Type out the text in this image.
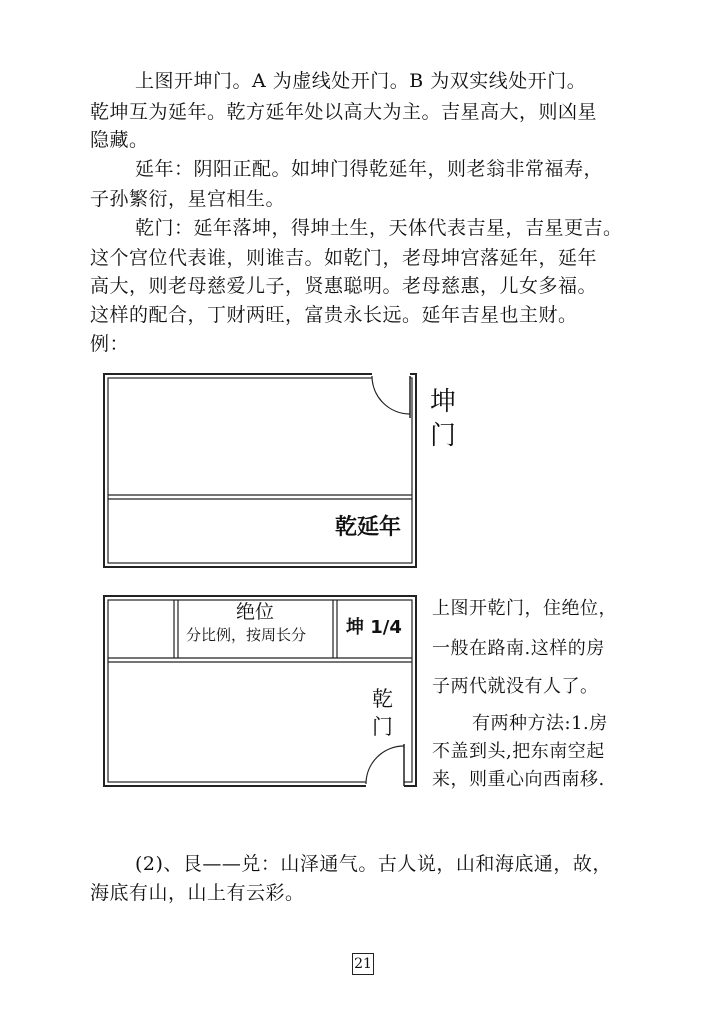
上图开坤门。A 为虚线处开门。B 为双实线处开门。
乾坤互为延年。乾方延年处以高大为主。吉星高大，则凶星
隐藏。
延年：阴阳正配。如坤门得乾延年，则老翁非常福寿，
子孙繁衍，星宫相生。
乾门：延年落坤，得坤土生，天体代表吉星，吉星更吉。
这个宫位代表谁，则谁吉。如乾门，老母坤宫落延年，延年
高大，则老母慈爱儿子，贤惠聪明。老母慈惠，儿女多福。
这样的配合，丁财两旺，富贵永长远。延年吉星也主财。
例：
坤
门
乾延年
绝位
分比例，按周长分 坤 1/4
乾
门
上图开乾门，住绝位，
一般在路南.这样的房
子两代就没有人了。
有两种方法:1.房
不盖到头,把东南空起
来，则重心向西南移.
(2)、艮——兑：山泽通气。古人说，山和海底通，故，
海底有山，山上有云彩。
21
